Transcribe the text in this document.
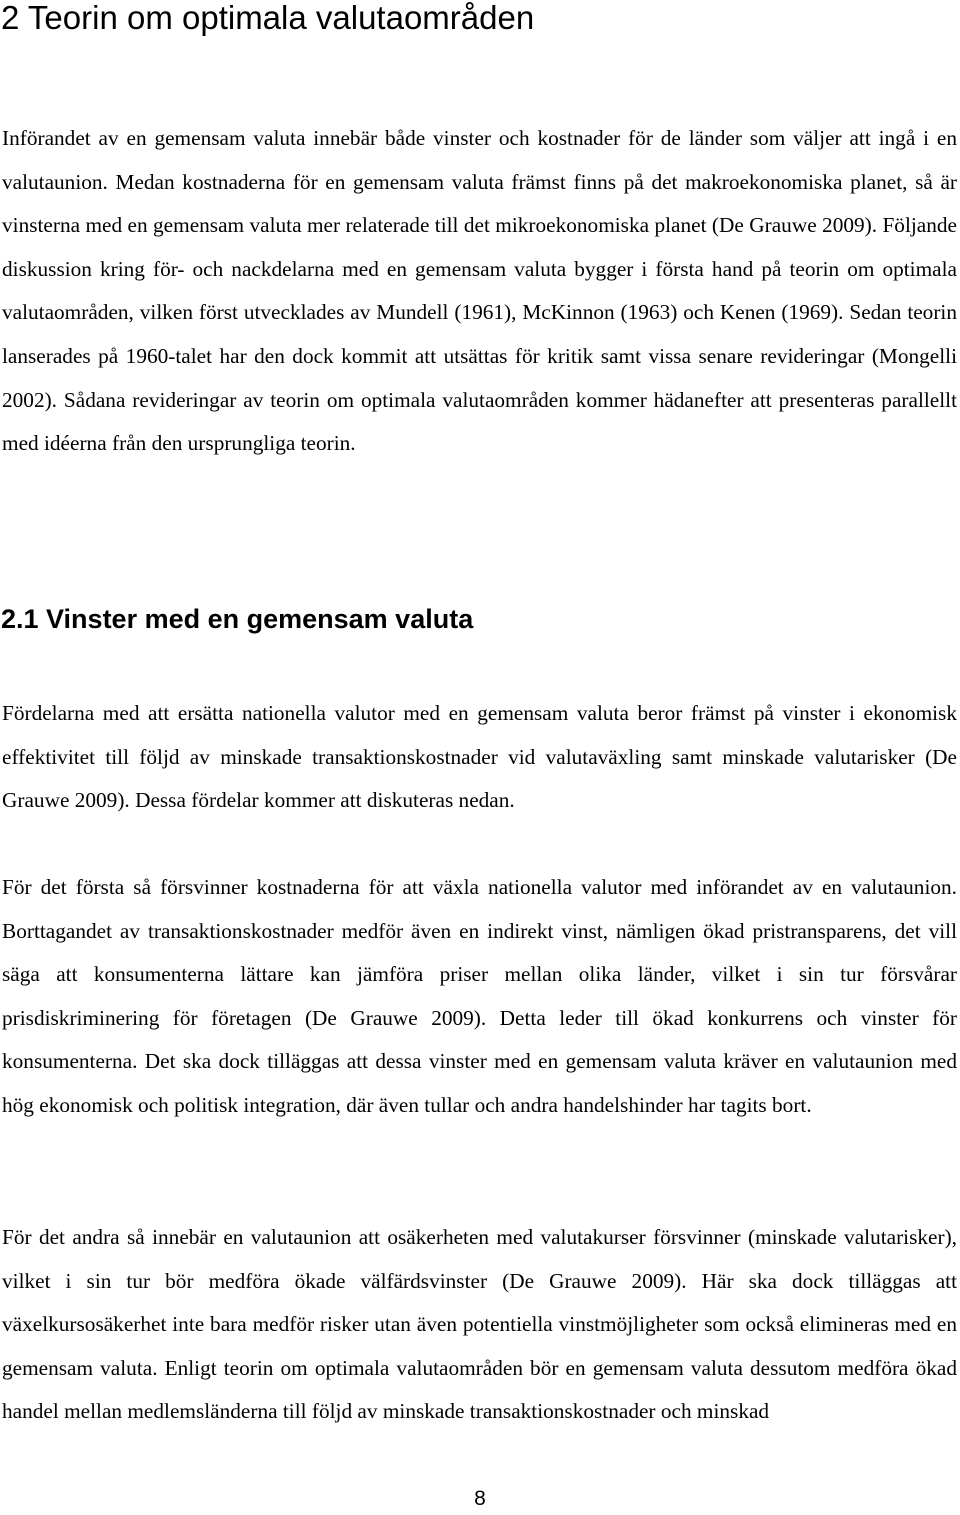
2 Teorin om optimala valutaområden

Införandet av en gemensam valuta innebär både vinster och kostnader för de länder som väljer att ingå i en valutaunion. Medan kostnaderna för en gemensam valuta främst finns på det makroekonomiska planet, så är vinsterna med en gemensam valuta mer relaterade till det mikroekonomiska planet (De Grauwe 2009). Följande diskussion kring för- och nackdelarna med en gemensam valuta bygger i första hand på teorin om optimala valutaområden, vilken först utvecklades av Mundell (1961), McKinnon (1963) och Kenen (1969). Sedan teorin lanserades på 1960-talet har den dock kommit att utsättas för kritik samt vissa senare revideringar (Mongelli 2002). Sådana revideringar av teorin om optimala valutaområden kommer hädanefter att presenteras parallellt med idéerna från den ursprungliga teorin.

2.1 Vinster med en gemensam valuta

Fördelarna med att ersätta nationella valutor med en gemensam valuta beror främst på vinster i ekonomisk effektivitet till följd av minskade transaktionskostnader vid valutaväxling samt minskade valutarisker (De Grauwe 2009). Dessa fördelar kommer att diskuteras nedan.

För det första så försvinner kostnaderna för att växla nationella valutor med införandet av en valutaunion. Borttagandet av transaktionskostnader medför även en indirekt vinst, nämligen ökad pristransparens, det vill säga att konsumenterna lättare kan jämföra priser mellan olika länder, vilket i sin tur försvårar prisdiskriminering för företagen (De Grauwe 2009). Detta leder till ökad konkurrens och vinster för konsumenterna. Det ska dock tilläggas att dessa vinster med en gemensam valuta kräver en valutaunion med hög ekonomisk och politisk integration, där även tullar och andra handelshinder har tagits bort.

För det andra så innebär en valutaunion att osäkerheten med valutakurser försvinner (minskade valutarisker), vilket i sin tur bör medföra ökade välfärdsvinster (De Grauwe 2009). Här ska dock tilläggas att växelkursosäkerhet inte bara medför risker utan även potentiella vinstmöjligheter som också elimineras med en gemensam valuta. Enligt teorin om optimala valutaområden bör en gemensam valuta dessutom medföra ökad handel mellan medlemsländerna till följd av minskade transaktionskostnader och minskad

8
